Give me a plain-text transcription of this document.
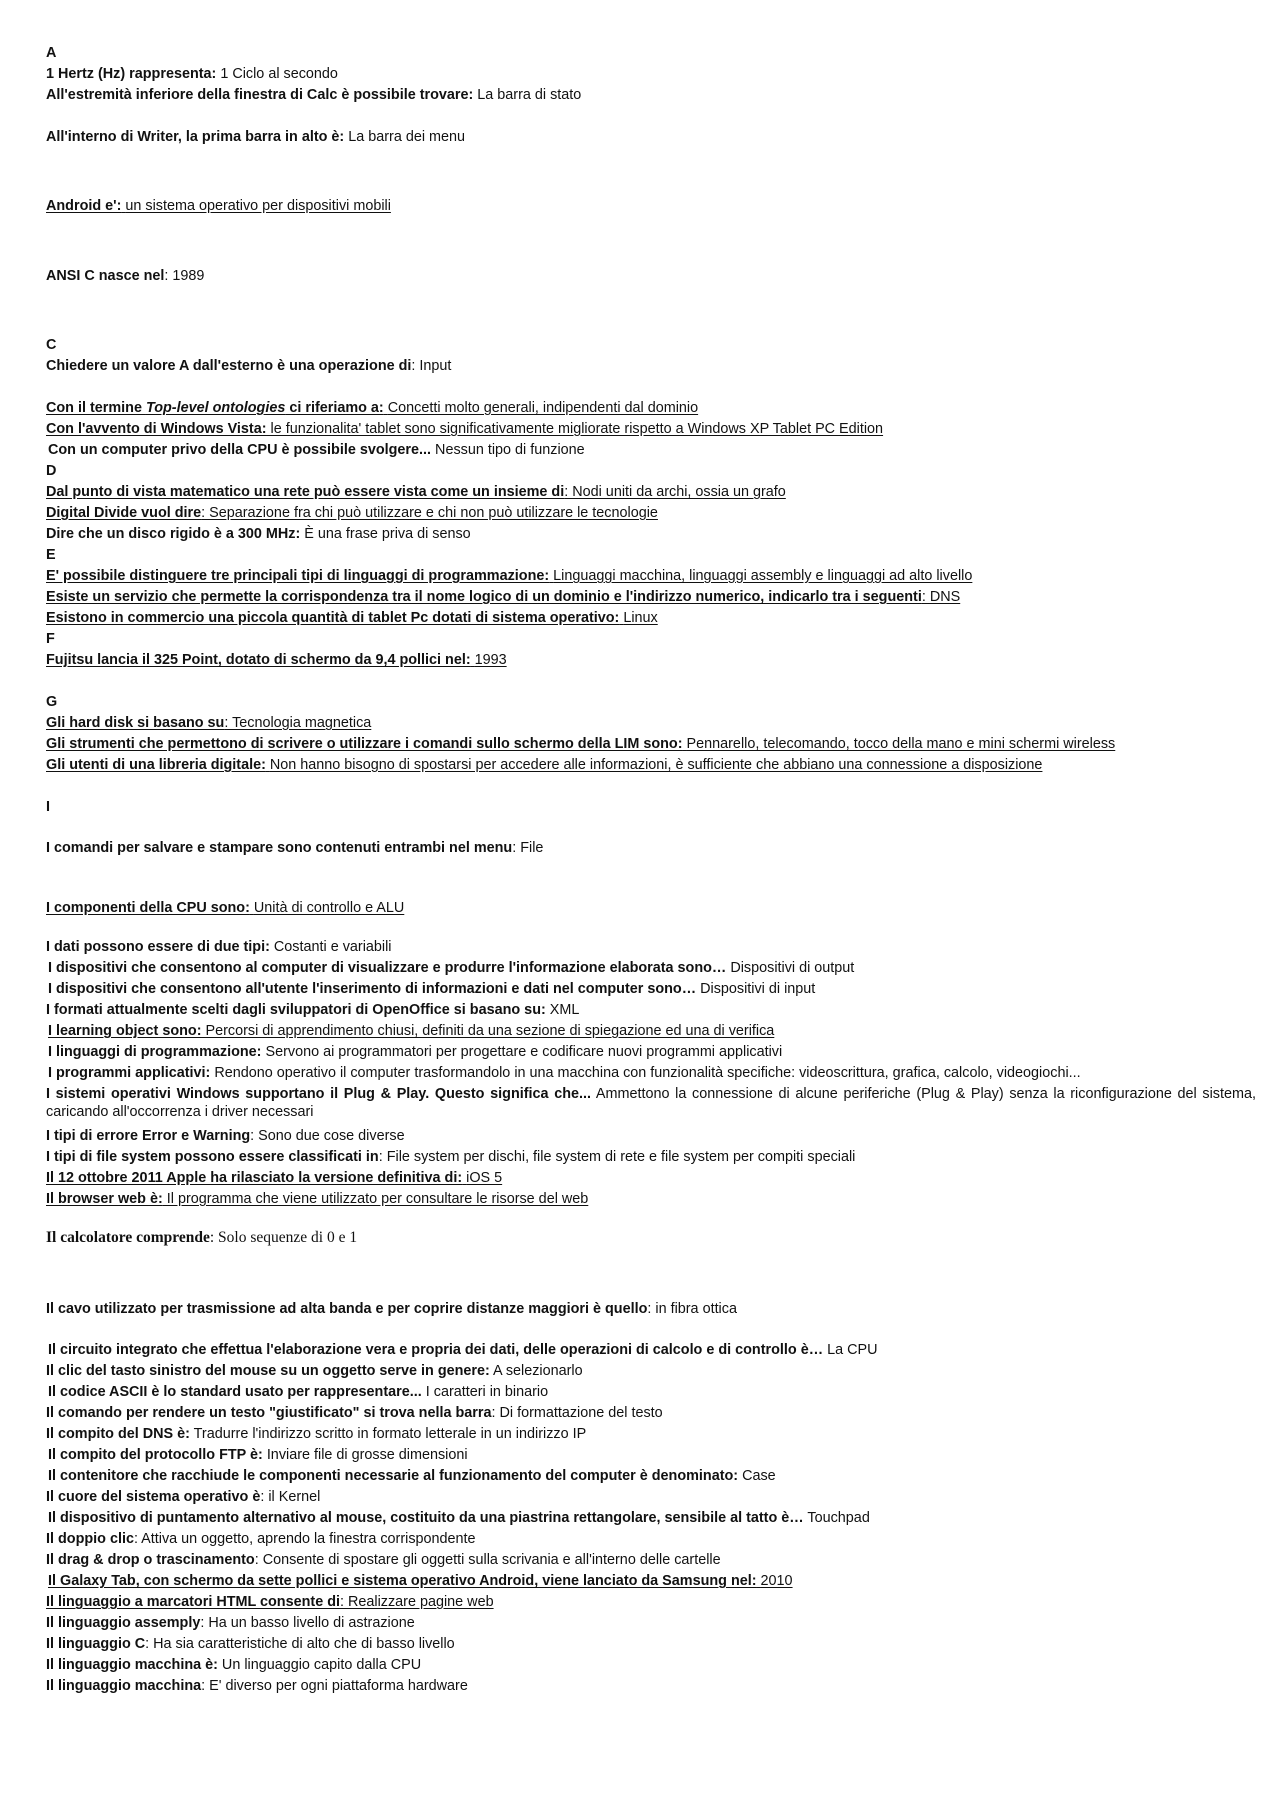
A
1 Hertz (Hz) rappresenta: 1 Ciclo al secondo
All'estremità inferiore della finestra di Calc è possibile trovare: La barra di stato
All'interno di Writer, la prima barra in alto è: La barra dei menu
Android e': un sistema operativo per dispositivi mobili
ANSI C nasce nel: 1989
C
Chiedere un valore A dall'esterno è una operazione di: Input
Con il termine Top-level ontologies ci riferiamo a: Concetti molto generali, indipendenti dal dominio
Con l'avvento di Windows Vista: le funzionalita' tablet sono significativamente migliorate rispetto a Windows XP Tablet PC Edition
Con un computer privo della CPU è possibile svolgere... Nessun tipo di funzione
D
Dal punto di vista matematico una rete può essere vista come un insieme di: Nodi uniti da archi, ossia un grafo
Digital Divide vuol dire: Separazione fra chi può utilizzare e chi non può utilizzare le tecnologie
Dire che un disco rigido è a 300 MHz: È una frase priva di senso
E
E' possibile distinguere tre principali tipi di linguaggi di programmazione: Linguaggi macchina, linguaggi assembly e linguaggi ad alto livello
Esiste un servizio che permette la corrispondenza tra il nome logico di un dominio e l'indirizzo numerico, indicarlo tra i seguenti: DNS
Esistono in commercio una piccola quantità di tablet Pc dotati di sistema operativo: Linux
F
Fujitsu lancia il 325 Point, dotato di schermo da 9,4 pollici nel: 1993
G
Gli hard disk si basano su: Tecnologia magnetica
Gli strumenti che permettono di scrivere o utilizzare i comandi sullo schermo della LIM sono: Pennarello, telecomando, tocco della mano e mini schermi wireless
Gli utenti di una libreria digitale: Non hanno bisogno di spostarsi per accedere alle informazioni, è sufficiente che abbiano una connessione a disposizione
I
I comandi per salvare e stampare sono contenuti entrambi nel menu: File
I componenti della CPU sono: Unità di controllo e ALU
I dati possono essere di due tipi: Costanti e variabili
I dispositivi che consentono al computer di visualizzare e produrre l'informazione elaborata sono… Dispositivi di output
I dispositivi che consentono all'utente l'inserimento di informazioni e dati nel computer sono… Dispositivi di input
I formati attualmente scelti dagli sviluppatori di OpenOffice si basano su: XML
I learning object sono: Percorsi di apprendimento chiusi, definiti da una sezione di spiegazione ed una di verifica
I linguaggi di programmazione: Servono ai programmatori per progettare e codificare nuovi programmi applicativi
I programmi applicativi: Rendono operativo il computer trasformandolo in una macchina con funzionalità specifiche: videoscrittura, grafica, calcolo, videogiochi...
I sistemi operativi Windows supportano il Plug & Play. Questo significa che... Ammettono la connessione di alcune periferiche (Plug & Play) senza la riconfigurazione del sistema, caricando all'occorrenza i driver necessari
I tipi di errore Error e Warning: Sono due cose diverse
I tipi di file system possono essere classificati in: File system per dischi, file system di rete e file system per compiti speciali
Il 12 ottobre 2011 Apple ha rilasciato la versione definitiva di: iOS 5
Il browser web è: Il programma che viene utilizzato per consultare le risorse del web
Il calcolatore comprende: Solo sequenze di 0 e 1
Il cavo utilizzato per trasmissione ad alta banda e per coprire distanze maggiori è quello: in fibra ottica
Il circuito integrato che effettua l'elaborazione vera e propria dei dati, delle operazioni di calcolo e di controllo è… La CPU
Il clic del tasto sinistro del mouse su un oggetto serve in genere: A selezionarlo
Il codice ASCII è lo standard usato per rappresentare... I caratteri in binario
Il comando per rendere un testo "giustificato" si trova nella barra: Di formattazione del testo
Il compito del DNS è: Tradurre l'indirizzo scritto in formato letterale in un indirizzo IP
Il compito del protocollo FTP è: Inviare file di grosse dimensioni
Il contenitore che racchiude le componenti necessarie al funzionamento del computer è denominato: Case
Il cuore del sistema operativo è: il Kernel
Il dispositivo di puntamento alternativo al mouse, costituito da una piastrina rettangolare, sensibile al tatto è… Touchpad
Il doppio clic: Attiva un oggetto, aprendo la finestra corrispondente
Il drag & drop o trascinamento: Consente di spostare gli oggetti sulla scrivania e all'interno delle cartelle
Il Galaxy Tab, con schermo da sette pollici e sistema operativo Android, viene lanciato da Samsung nel: 2010
Il linguaggio a marcatori HTML consente di: Realizzare pagine web
Il linguaggio assemply: Ha un basso livello di astrazione
Il linguaggio C: Ha sia caratteristiche di alto che di basso livello
Il linguaggio macchina è: Un linguaggio capito dalla CPU
Il linguaggio macchina: E' diverso per ogni piattaforma hardware
